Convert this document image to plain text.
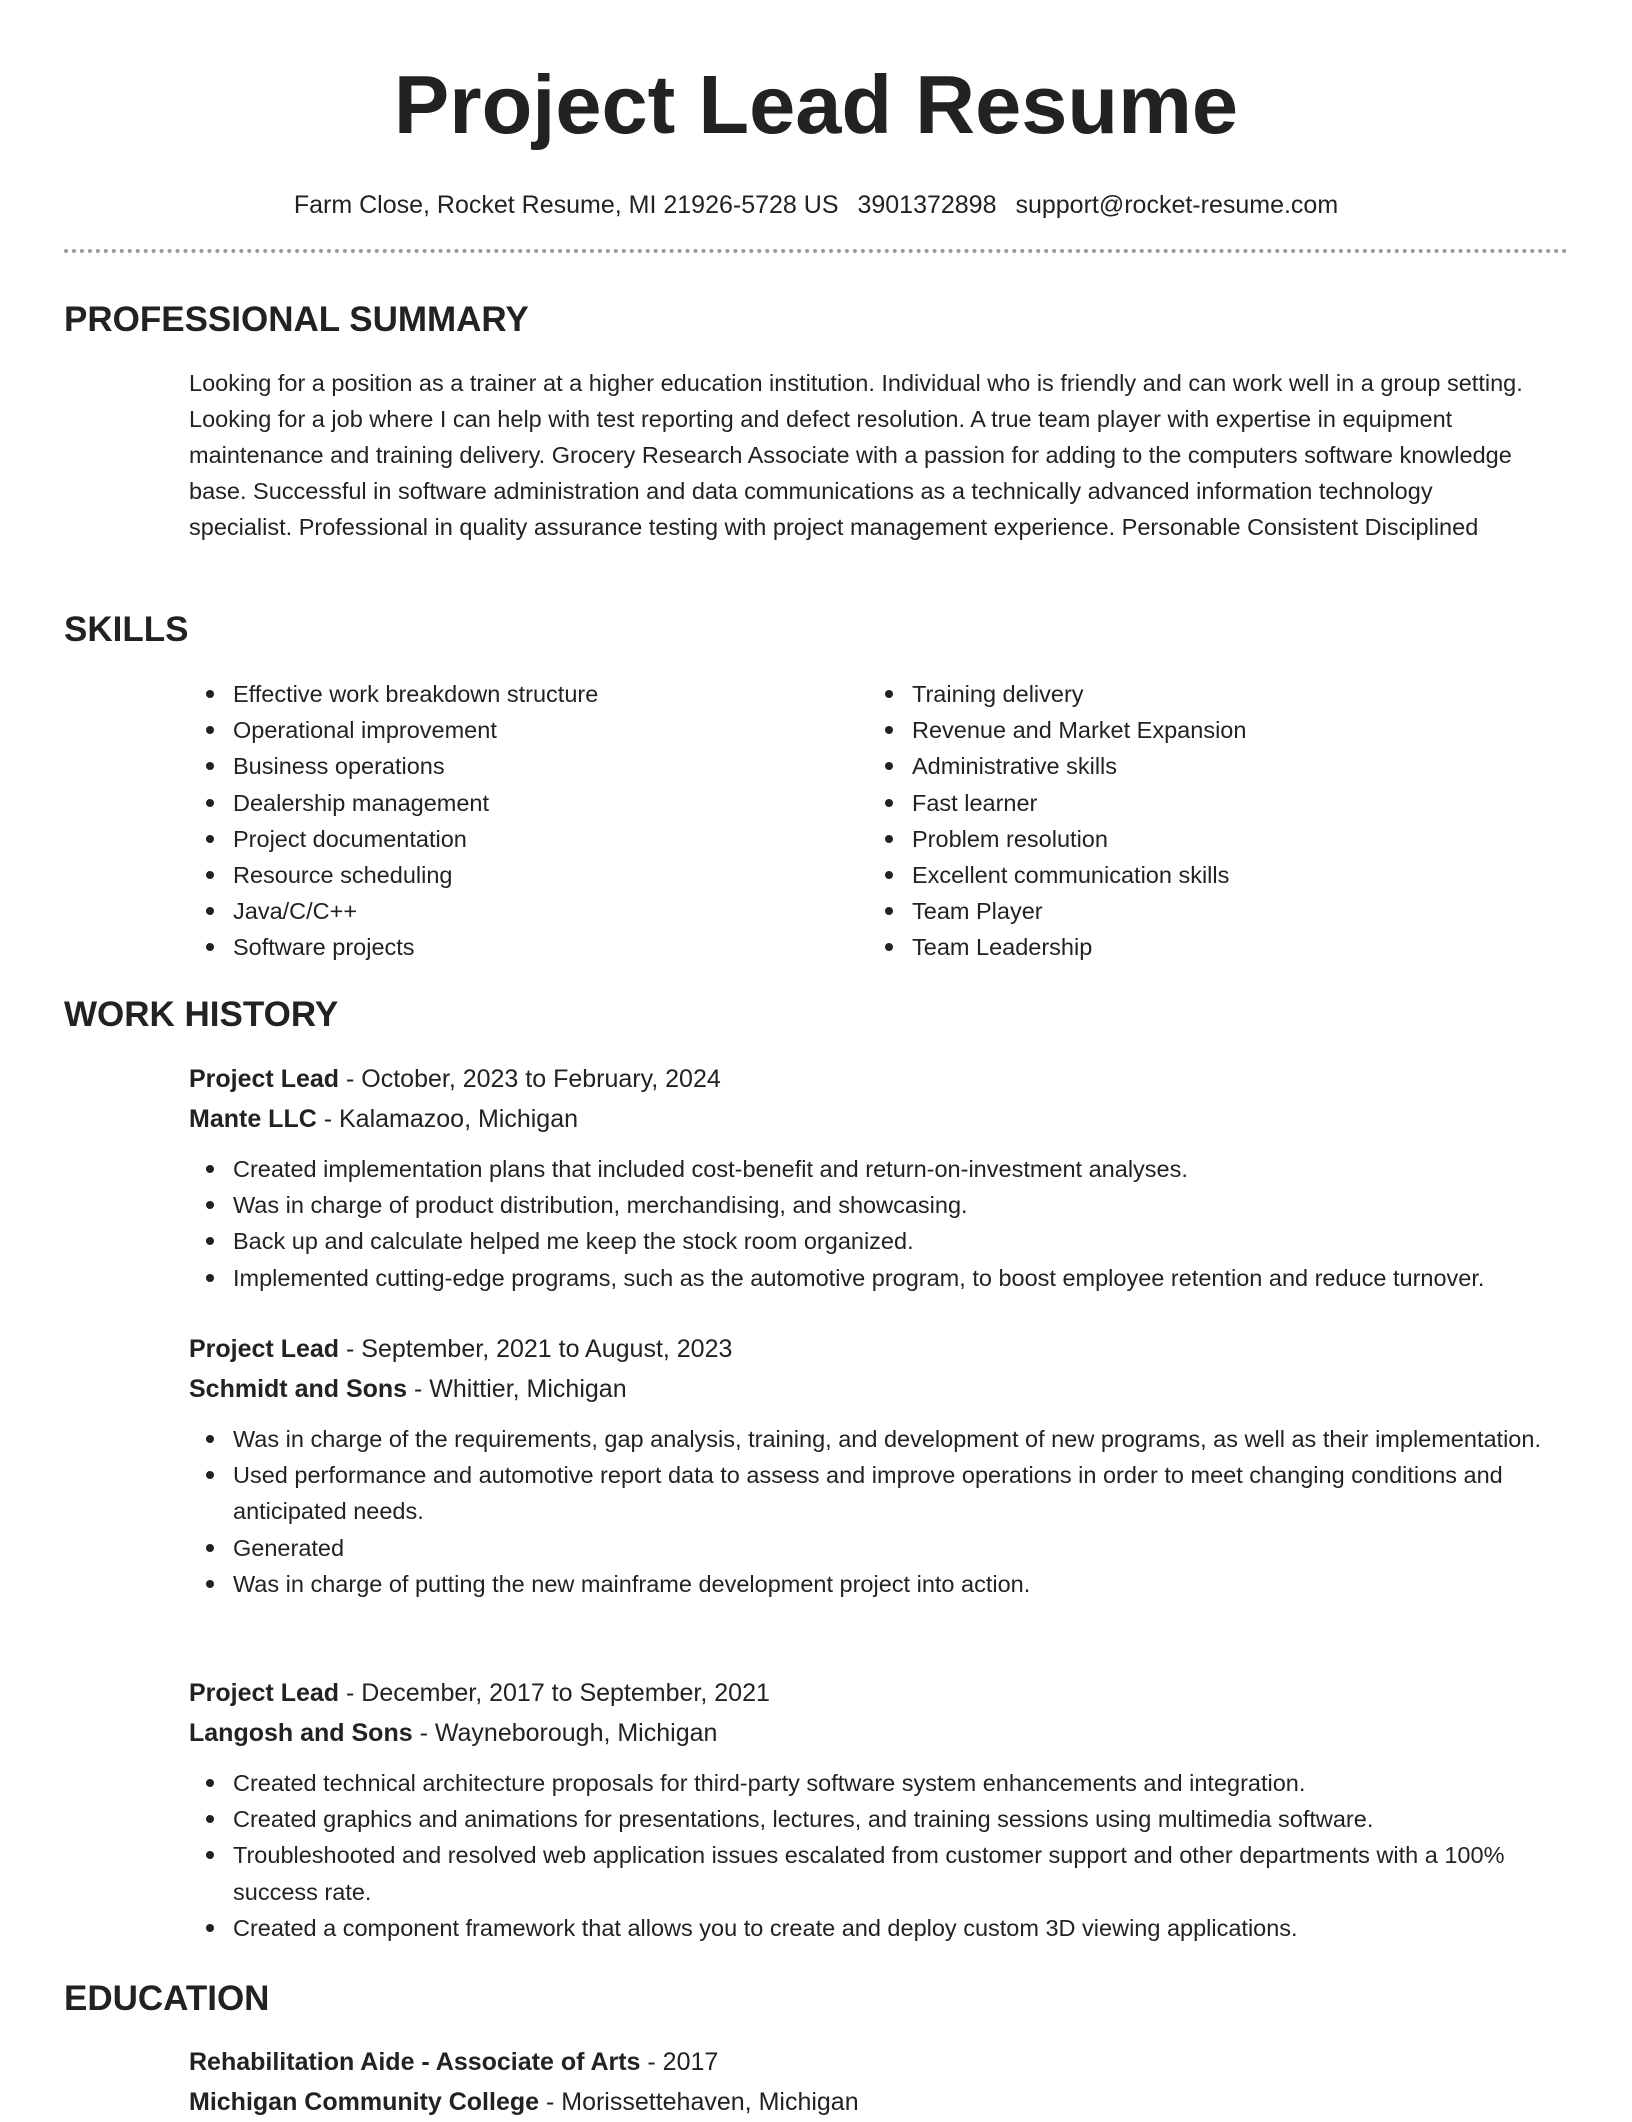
Project Lead Resume
Farm Close, Rocket Resume, MI 21926-5728 US 3901372898 support@rocket-resume.com
PROFESSIONAL SUMMARY

Looking for a position as a trainer at a higher education institution. Individual who is friendly and can work well in a group setting. Looking for a job where I can help with test reporting and defect resolution. A true team player with expertise in equipment maintenance and training delivery. Grocery Research Associate with a passion for adding to the computers software knowledge base. Successful in software administration and data communications as a technically advanced information technology specialist. Professional in quality assurance testing with project management experience. Personable Consistent Disciplined

SKILLS
Effective work breakdown structure
Operational improvement
Business operations
Dealership management
Project documentation
Resource scheduling
Java/C/C++
Software projects
Training delivery
Revenue and Market Expansion
Administrative skills
Fast learner
Problem resolution
Excellent communication skills
Team Player
Team Leadership
WORK HISTORY
Project Lead - October, 2023 to February, 2024
Mante LLC - Kalamazoo, Michigan
Created implementation plans that included cost-benefit and return-on-investment analyses.
Was in charge of product distribution, merchandising, and showcasing.
Back up and calculate helped me keep the stock room organized.
Implemented cutting-edge programs, such as the automotive program, to boost employee retention and reduce turnover.
Project Lead - September, 2021 to August, 2023
Schmidt and Sons - Whittier, Michigan
Was in charge of the requirements, gap analysis, training, and development of new programs, as well as their implementation.
Used performance and automotive report data to assess and improve operations in order to meet changing conditions and anticipated needs.
Generated
Was in charge of putting the new mainframe development project into action.
Project Lead - December, 2017 to September, 2021
Langosh and Sons - Wayneborough, Michigan
Created technical architecture proposals for third-party software system enhancements and integration.
Created graphics and animations for presentations, lectures, and training sessions using multimedia software.
Troubleshooted and resolved web application issues escalated from customer support and other departments with a 100% success rate.
Created a component framework that allows you to create and deploy custom 3D viewing applications.
EDUCATION
Rehabilitation Aide - Associate of Arts - 2017
Michigan Community College - Morissettehaven, Michigan
